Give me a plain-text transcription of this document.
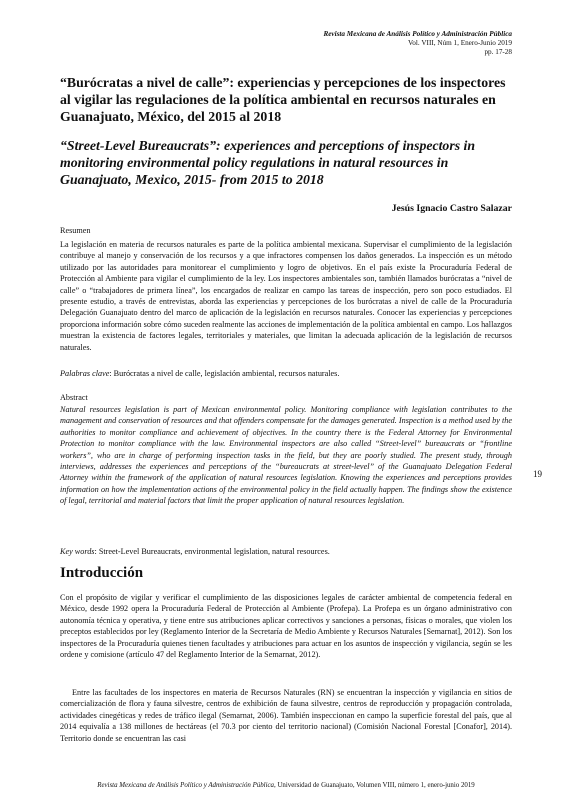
Revista Mexicana de Análisis Político y Administración Pública
Vol. VIII, Núm 1, Enero-Junio 2019
pp. 17-28
“Burócratas a nivel de calle”: experiencias y percepciones de los inspectores al vigilar las regulaciones de la política ambiental en recursos naturales en Guanajuato, México, del 2015 al 2018
“Street-Level Bureaucrats”: experiences and perceptions of inspectors in monitoring environmental policy regulations in natural resources in Guanajuato, Mexico, 2015- from 2015 to 2018
Jesús Ignacio Castro Salazar
Resumen

La legislación en materia de recursos naturales es parte de la política ambiental mexicana. Supervisar el cumplimiento de la legislación contribuye al manejo y conservación de los recursos y a que infractores compensen los daños generados. La inspección es un método utilizado por las autoridades para monitorear el cumplimiento y logro de objetivos. En el país existe la Procuraduría Federal de Protección al Ambiente para vigilar el cumplimiento de la ley. Los inspectores ambientales son, también llamados burócratas a “nivel de calle” o “trabajadores de primera línea”, los encargados de realizar en campo las tareas de inspección, pero son poco estudiados. El presente estudio, a través de entrevistas, aborda las experiencias y percepciones de los burócratas a nivel de calle de la Procuraduría Delegación Guanajuato dentro del marco de aplicación de la legislación en recursos naturales. Conocer las experiencias y percepciones proporciona información sobre cómo suceden realmente las acciones de implementación de la política ambiental en campo. Los hallazgos muestran la existencia de factores legales, territoriales y materiales, que limitan la adecuada aplicación de la legislación de recursos naturales.

Palabras clave: Burócratas a nivel de calle, legislación ambiental, recursos naturales.

Abstract

Natural resources legislation is part of Mexican environmental policy. Monitoring compliance with legislation contributes to the management and conservation of resources and that offenders compensate for the damages generated. Inspection is a method used by the authorities to monitor compliance and achievement of objectives. In the country there is the Federal Attorney for Environmental Protection to monitor compliance with the law. Environmental inspectors are also called “Street-level” bureaucrats or “frontline workers”, who are in charge of performing inspection tasks in the field, but they are poorly studied. The present study, through interviews, addresses the experiences and perceptions of the “bureaucrats at street-level” of the Guanajuato Delegation Federal Attorney within the framework of the application of natural resources legislation. Knowing the experiences and perceptions provides information on how the implementation actions of the environmental policy in the field actually happen. The findings show the existence of legal, territorial and material factors that limit the proper application of natural resources legislation.

Key words: Street-Level Bureaucrats, environmental legislation, natural resources.

Introducción

Con el propósito de vigilar y verificar el cumplimiento de las disposiciones legales de carácter ambiental de competencia federal en México, desde 1992 opera la Procuraduría Federal de Protección al Ambiente (Profepa). La Profepa es un órgano administrativo con autonomía técnica y operativa, y tiene entre sus atribuciones aplicar correctivos y sanciones a personas, físicas o morales, que violen los preceptos establecidos por ley (Reglamento Interior de la Secretaría de Medio Ambiente y Recursos Naturales [Semarnat], 2012). Son los inspectores de la Procuraduría quienes tienen facultades y atribuciones para actuar en los asuntos de inspección y vigilancia, según se les ordene y comisione (artículo 47 del Reglamento Interior de la Semarnat, 2012).

Entre las facultades de los inspectores en materia de Recursos Naturales (RN) se encuentran la inspección y vigilancia en sitios de comercialización de flora y fauna silvestre, centros de exhibición de fauna silvestre, centros de reproducción y propagación controlada, actividades cinegéticas y redes de tráfico ilegal (Semarnat, 2006). También inspeccionan en campo la superficie forestal del país, que al 2014 equivalía a 138 millones de hectáreas (el 70.3 por ciento del territorio nacional) (Comisión Nacional Forestal [Conafor], 2014). Territorio donde se encuentran las casi

19
Revista Mexicana de Análisis Político y Administración Pública, Universidad de Guanajuato, Volumen VIII, número 1, enero-junio 2019
